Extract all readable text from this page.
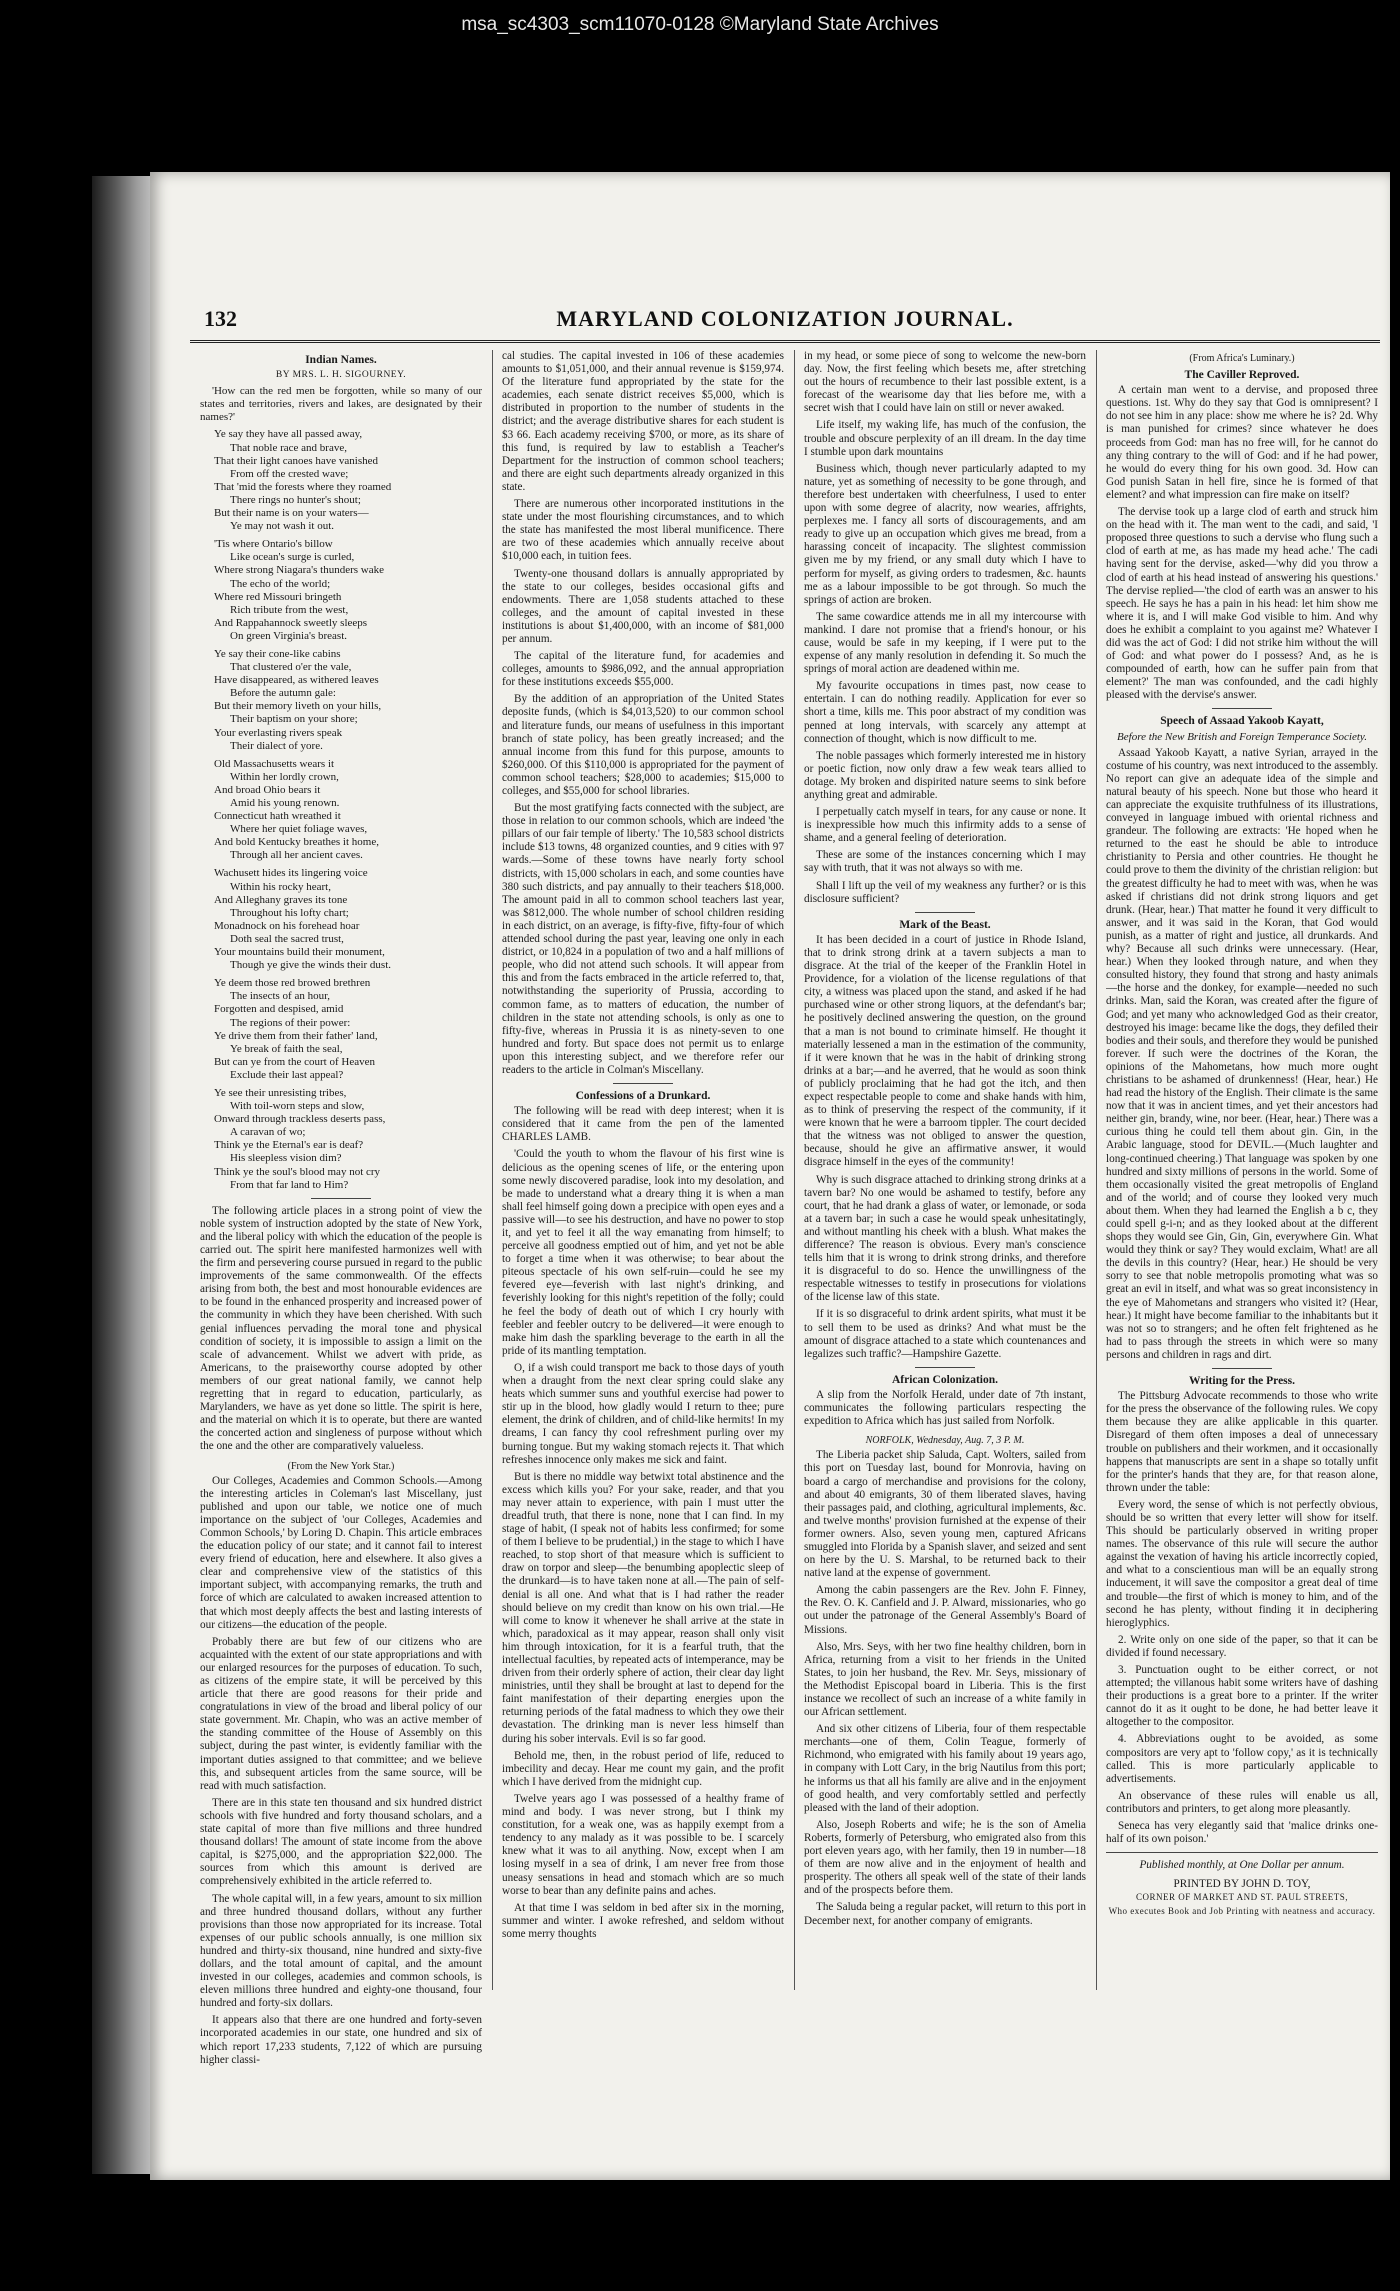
msa_sc4303_scm11070-0128 ©Maryland State Archives
MARYLAND COLONIZATION JOURNAL.
132
Indian Names.
BY MRS. L. H. SIGOURNEY.
'How can the red men be forgotten, while so many of our states and territories, rivers and lakes, are designated by their names?'
Ye say they have all passed away,
That noble race and brave,
That their light canoes have vanished
From off the crested wave;
That 'mid the forests where they roamed
There rings no hunter's shout;
But their name is on your waters—
Ye may not wash it out.
'Tis where Ontario's billow
Like ocean's surge is curled,
Where strong Niagara's thunders wake
The echo of the world;
Where red Missouri bringeth
Rich tribute from the west,
And Rappahannock sweetly sleeps
On green Virginia's breast.
Ye say their cone-like cabins
That clustered o'er the vale,
Have disappeared, as withered leaves
Before the autumn gale:
But their memory liveth on your hills,
Their baptism on your shore;
Your everlasting rivers speak
Their dialect of yore.
Old Massachusetts wears it
Within her lordly crown,
And broad Ohio bears it
Amid his young renown.
Connecticut hath wreathed it
Where her quiet foliage waves,
And bold Kentucky breathes it home,
Through all her ancient caves.
Wachusett hides its lingering voice
Within his rocky heart,
And Alleghany graves its tone
Throughout his lofty chart;
Monadnock on his forehead hoar
Doth seal the sacred trust,
Your mountains build their monument,
Though ye give the winds their dust.
Ye deem those red browed brethren
The insects of an hour,
Forgotten and despised, amid
The regions of their power:
Ye drive them from their father' land,
Ye break of faith the seal,
But can ye from the court of Heaven
Exclude their last appeal?
Ye see their unresisting tribes,
With toil-worn steps and slow,
Onward through trackless deserts pass,
A caravan of wo;
Think ye the Eternal's ear is deaf?
His sleepless vision dim?
Think ye the soul's blood may not cry
From that far land to Him?
The following article places in a strong point of view the noble system of instruction adopted by the state of New York, and the liberal policy with which the education of the people is carried out. The spirit here manifested harmonizes well with the firm and persevering course pursued in regard to the public improvements of the same commonwealth. Of the effects arising from both, the best and most honourable evidences are to be found in the enhanced prosperity and increased power of the community in which they have been cherished. With such genial influences pervading the moral tone and physical condition of society, it is impossible to assign a limit on the scale of advancement. Whilst we advert with pride, as Americans, to the praiseworthy course adopted by other members of our great national family, we cannot help regretting that in regard to education, particularly, as Marylanders, we have as yet done so little. The spirit is here, and the material on which it is to operate, but there are wanted the concerted action and singleness of purpose without which the one and the other are comparatively valueless.
(From the New York Star.)
Our Colleges, Academies and Common Schools.—Among the interesting articles in Coleman's last Miscellany, just published and upon our table, we notice one of much importance on the subject of 'our Colleges, Academies and Common Schools,' by Loring D. Chapin. This article embraces the education policy of our state; and it cannot fail to interest every friend of education, here and elsewhere. It also gives a clear and comprehensive view of the statistics of this important subject, with accompanying remarks, the truth and force of which are calculated to awaken increased attention to that which most deeply affects the best and lasting interests of our citizens—the education of the people.
Probably there are but few of our citizens who are acquainted with the extent of our state appropriations and with our enlarged resources for the purposes of education. To such, as citizens of the empire state, it will be perceived by this article that there are good reasons for their pride and congratulations in view of the broad and liberal policy of our state government. Mr. Chapin, who was an active member of the standing committee of the House of Assembly on this subject, during the past winter, is evidently familiar with the important duties assigned to that committee; and we believe this, and subsequent articles from the same source, will be read with much satisfaction.
There are in this state ten thousand and six hundred district schools with five hundred and forty thousand scholars, and a state capital of more than five millions and three hundred thousand dollars! The amount of state income from the above capital, is $275,000, and the appropriation $22,000. The sources from which this amount is derived are comprehensively exhibited in the article referred to.
The whole capital will, in a few years, amount to six million and three hundred thousand dollars, without any further provisions than those now appropriated for its increase. Total expenses of our public schools annually, is one million six hundred and thirty-six thousand, nine hundred and sixty-five dollars, and the total amount of capital, and the amount invested in our colleges, academies and common schools, is eleven millions three hundred and eighty-one thousand, four hundred and forty-six dollars.
It appears also that there are one hundred and forty-seven incorporated academies in our state, one hundred and six of which report 17,233 students, 7,122 of which are pursuing higher classi-
cal studies. The capital invested in 106 of these academies amounts to $1,051,000, and their annual revenue is $159,974. Of the literature fund appropriated by the state for the academies, each senate district receives $5,000, which is distributed in proportion to the number of students in the district; and the average distributive shares for each student is $3 66. Each academy receiving $700, or more, as its share of this fund, is required by law to establish a Teacher's Department for the instruction of common school teachers; and there are eight such departments already organized in this state.
There are numerous other incorporated institutions in the state under the most flourishing circumstances, and to which the state has manifested the most liberal munificence. There are two of these academies which annually receive about $10,000 each, in tuition fees.
Twenty-one thousand dollars is annually appropriated by the state to our colleges, besides occasional gifts and endowments. There are 1,058 students attached to these colleges, and the amount of capital invested in these institutions is about $1,400,000, with an income of $81,000 per annum.
The capital of the literature fund, for academies and colleges, amounts to $986,092, and the annual appropriation for these institutions exceeds $55,000.
By the addition of an appropriation of the United States deposite funds, (which is $4,013,520) to our common school and literature funds, our means of usefulness in this important branch of state policy, has been greatly increased; and the annual income from this fund for this purpose, amounts to $260,000. Of this $110,000 is appropriated for the payment of common school teachers; $28,000 to academies; $15,000 to colleges, and $55,000 for school libraries.
But the most gratifying facts connected with the subject, are those in relation to our common schools, which are indeed 'the pillars of our fair temple of liberty.' The 10,583 school districts include $13 towns, 48 organized counties, and 9 cities with 97 wards.—Some of these towns have nearly forty school districts, with 15,000 scholars in each, and some counties have 380 such districts, and pay annually to their teachers $18,000. The amount paid in all to common school teachers last year, was $812,000. The whole number of school children residing in each district, on an average, is fifty-five, fifty-four of which attended school during the past year, leaving one only in each district, or 10,824 in a population of two and a half millions of people, who did not attend such schools. It will appear from this and from the facts embraced in the article referred to, that, notwithstanding the superiority of Prussia, according to common fame, as to matters of education, the number of children in the state not attending schools, is only as one to fifty-five, whereas in Prussia it is as ninety-seven to one hundred and forty. But space does not permit us to enlarge upon this interesting subject, and we therefore refer our readers to the article in Colman's Miscellany.
Confessions of a Drunkard.
The following will be read with deep interest; when it is considered that it came from the pen of the lamented CHARLES LAMB.
'Could the youth to whom the flavour of his first wine is delicious as the opening scenes of life, or the entering upon some newly discovered paradise, look into my desolation, and be made to understand what a dreary thing it is when a man shall feel himself going down a precipice with open eyes and a passive will—to see his destruction, and have no power to stop it, and yet to feel it all the way emanating from himself; to perceive all goodness emptied out of him, and yet not be able to forget a time when it was otherwise; to bear about the piteous spectacle of his own self-ruin—could he see my fevered eye—feverish with last night's drinking, and feverishly looking for this night's repetition of the folly; could he feel the body of death out of which I cry hourly with feebler and feebler outcry to be delivered—it were enough to make him dash the sparkling beverage to the earth in all the pride of its mantling temptation.
O, if a wish could transport me back to those days of youth when a draught from the next clear spring could slake any heats which summer suns and youthful exercise had power to stir up in the blood, how gladly would I return to thee; pure element, the drink of children, and of child-like hermits! In my dreams, I can fancy thy cool refreshment purling over my burning tongue. But my waking stomach rejects it. That which refreshes innocence only makes me sick and faint.
But is there no middle way betwixt total abstinence and the excess which kills you? For your sake, reader, and that you may never attain to experience, with pain I must utter the dreadful truth, that there is none, none that I can find. In my stage of habit, (I speak not of habits less confirmed; for some of them I believe to be prudential,) in the stage to which I have reached, to stop short of that measure which is sufficient to draw on torpor and sleep—the benumbing apoplectic sleep of the drunkard—is to have taken none at all.—The pain of self-denial is all one. And what that is I had rather the reader should believe on my credit than know on his own trial.—He will come to know it whenever he shall arrive at the state in which, paradoxical as it may appear, reason shall only visit him through intoxication, for it is a fearful truth, that the intellectual faculties, by repeated acts of intemperance, may be driven from their orderly sphere of action, their clear day light ministries, until they shall be brought at last to depend for the faint manifestation of their departing energies upon the returning periods of the fatal madness to which they owe their devastation. The drinking man is never less himself than during his sober intervals. Evil is so far good.
Behold me, then, in the robust period of life, reduced to imbecility and decay. Hear me count my gain, and the profit which I have derived from the midnight cup.
Twelve years ago I was possessed of a healthy frame of mind and body. I was never strong, but I think my constitution, for a weak one, was as happily exempt from a tendency to any malady as it was possible to be. I scarcely knew what it was to ail anything. Now, except when I am losing myself in a sea of drink, I am never free from those uneasy sensations in head and stomach which are so much worse to bear than any definite pains and aches.
At that time I was seldom in bed after six in the morning, summer and winter. I awoke refreshed, and seldom without some merry thoughts
in my head, or some piece of song to welcome the new-born day. Now, the first feeling which besets me, after stretching out the hours of recumbence to their last possible extent, is a forecast of the wearisome day that lies before me, with a secret wish that I could have lain on still or never awaked.
Life itself, my waking life, has much of the confusion, the trouble and obscure perplexity of an ill dream. In the day time I stumble upon dark mountains
Business which, though never particularly adapted to my nature, yet as something of necessity to be gone through, and therefore best undertaken with cheerfulness, I used to enter upon with some degree of alacrity, now wearies, affrights, perplexes me. I fancy all sorts of discouragements, and am ready to give up an occupation which gives me bread, from a harassing conceit of incapacity. The slightest commission given me by my friend, or any small duty which I have to perform for myself, as giving orders to tradesmen, &c. haunts me as a labour impossible to be got through. So much the springs of action are broken.
The same cowardice attends me in all my intercourse with mankind. I dare not promise that a friend's honour, or his cause, would be safe in my keeping, if I were put to the expense of any manly resolution in defending it. So much the springs of moral action are deadened within me.
My favourite occupations in times past, now cease to entertain. I can do nothing readily. Application for ever so short a time, kills me. This poor abstract of my condition was penned at long intervals, with scarcely any attempt at connection of thought, which is now difficult to me.
The noble passages which formerly interested me in history or poetic fiction, now only draw a few weak tears allied to dotage. My broken and dispirited nature seems to sink before anything great and admirable.
I perpetually catch myself in tears, for any cause or none. It is inexpressible how much this infirmity adds to a sense of shame, and a general feeling of deterioration.
These are some of the instances concerning which I may say with truth, that it was not always so with me.
Shall I lift up the veil of my weakness any further? or is this disclosure sufficient?
Mark of the Beast.
It has been decided in a court of justice in Rhode Island, that to drink strong drink at a tavern subjects a man to disgrace. At the trial of the keeper of the Franklin Hotel in Providence, for a violation of the license regulations of that city, a witness was placed upon the stand, and asked if he had purchased wine or other strong liquors, at the defendant's bar; he positively declined answering the question, on the ground that a man is not bound to criminate himself. He thought it materially lessened a man in the estimation of the community, if it were known that he was in the habit of drinking strong drinks at a bar;—and he averred, that he would as soon think of publicly proclaiming that he had got the itch, and then expect respectable people to come and shake hands with him, as to think of preserving the respect of the community, if it were known that he were a barroom tippler. The court decided that the witness was not obliged to answer the question, because, should he give an affirmative answer, it would disgrace himself in the eyes of the community!
Why is such disgrace attached to drinking strong drinks at a tavern bar? No one would be ashamed to testify, before any court, that he had drank a glass of water, or lemonade, or soda at a tavern bar; in such a case he would speak unhesitatingly, and without mantling his cheek with a blush. What makes the difference? The reason is obvious. Every man's conscience tells him that it is wrong to drink strong drinks, and therefore it is disgraceful to do so. Hence the unwillingness of the respectable witnesses to testify in prosecutions for violations of the license law of this state.
If it is so disgraceful to drink ardent spirits, what must it be to sell them to be used as drinks? And what must be the amount of disgrace attached to a state which countenances and legalizes such traffic?—Hampshire Gazette.
African Colonization.
A slip from the Norfolk Herald, under date of 7th instant, communicates the following particulars respecting the expedition to Africa which has just sailed from Norfolk.
NORFOLK, Wednesday, Aug. 7, 3 P. M.
The Liberia packet ship Saluda, Capt. Wolters, sailed from this port on Tuesday last, bound for Monrovia, having on board a cargo of merchandise and provisions for the colony, and about 40 emigrants, 30 of them liberated slaves, having their passages paid, and clothing, agricultural implements, &c. and twelve months' provision furnished at the expense of their former owners. Also, seven young men, captured Africans smuggled into Florida by a Spanish slaver, and seized and sent on here by the U. S. Marshal, to be returned back to their native land at the expense of government.
Among the cabin passengers are the Rev. John F. Finney, the Rev. O. K. Canfield and J. P. Alward, missionaries, who go out under the patronage of the General Assembly's Board of Missions.
Also, Mrs. Seys, with her two fine healthy children, born in Africa, returning from a visit to her friends in the United States, to join her husband, the Rev. Mr. Seys, missionary of the Methodist Episcopal board in Liberia. This is the first instance we recollect of such an increase of a white family in our African settlement.
And six other citizens of Liberia, four of them respectable merchants—one of them, Colin Teague, formerly of Richmond, who emigrated with his family about 19 years ago, in company with Lott Cary, in the brig Nautilus from this port; he informs us that all his family are alive and in the enjoyment of good health, and very comfortably settled and perfectly pleased with the land of their adoption.
Also, Joseph Roberts and wife; he is the son of Amelia Roberts, formerly of Petersburg, who emigrated also from this port eleven years ago, with her family, then 19 in number—18 of them are now alive and in the enjoyment of health and prosperity. The others all speak well of the state of their lands and of the prospects before them.
The Saluda being a regular packet, will return to this port in December next, for another company of emigrants.
(From Africa's Luminary.)
The Caviller Reproved.
A certain man went to a dervise, and proposed three questions. 1st. Why do they say that God is omnipresent? I do not see him in any place: show me where he is? 2d. Why is man punished for crimes? since whatever he does proceeds from God: man has no free will, for he cannot do any thing contrary to the will of God: and if he had power, he would do every thing for his own good. 3d. How can God punish Satan in hell fire, since he is formed of that element? and what impression can fire make on itself?
The dervise took up a large clod of earth and struck him on the head with it. The man went to the cadi, and said, 'I proposed three questions to such a dervise who flung such a clod of earth at me, as has made my head ache.' The cadi having sent for the dervise, asked—'why did you throw a clod of earth at his head instead of answering his questions.' The dervise replied—'the clod of earth was an answer to his speech. He says he has a pain in his head: let him show me where it is, and I will make God visible to him. And why does he exhibit a complaint to you against me? Whatever I did was the act of God: I did not strike him without the will of God: and what power do I possess? And, as he is compounded of earth, how can he suffer pain from that element?' The man was confounded, and the cadi highly pleased with the dervise's answer.
Speech of Assaad Yakoob Kayatt,
Before the New British and Foreign Temperance Society.
Assaad Yakoob Kayatt, a native Syrian, arrayed in the costume of his country, was next introduced to the assembly. No report can give an adequate idea of the simple and natural beauty of his speech. None but those who heard it can appreciate the exquisite truthfulness of its illustrations, conveyed in language imbued with oriental richness and grandeur. The following are extracts: 'He hoped when he returned to the east he should be able to introduce christianity to Persia and other countries. He thought he could prove to them the divinity of the christian religion: but the greatest difficulty he had to meet with was, when he was asked if christians did not drink strong liquors and get drunk. (Hear, hear.) That matter he found it very difficult to answer, and it was said in the Koran, that God would punish, as a matter of right and justice, all drunkards. And why? Because all such drinks were unnecessary. (Hear, hear.) When they looked through nature, and when they consulted history, they found that strong and hasty animals—the horse and the donkey, for example—needed no such drinks. Man, said the Koran, was created after the figure of God; and yet many who acknowledged God as their creator, destroyed his image: became like the dogs, they defiled their bodies and their souls, and therefore they would be punished forever. If such were the doctrines of the Koran, the opinions of the Mahometans, how much more ought christians to be ashamed of drunkenness! (Hear, hear.) He had read the history of the English. Their climate is the same now that it was in ancient times, and yet their ancestors had neither gin, brandy, wine, nor beer. (Hear, hear.) There was a curious thing he could tell them about gin. Gin, in the Arabic language, stood for DEVIL.—(Much laughter and long-continued cheering.) That language was spoken by one hundred and sixty millions of persons in the world. Some of them occasionally visited the great metropolis of England and of the world; and of course they looked very much about them. When they had learned the English a b c, they could spell g-i-n; and as they looked about at the different shops they would see Gin, Gin, Gin, everywhere Gin. What would they think or say? They would exclaim, What! are all the devils in this country? (Hear, hear.) He should be very sorry to see that noble metropolis promoting what was so great an evil in itself, and what was so great inconsistency in the eye of Mahometans and strangers who visited it? (Hear, hear.) It might have become familiar to the inhabitants but it was not so to strangers; and he often felt frightened as he had to pass through the streets in which were so many persons and children in rags and dirt.
Writing for the Press.
The Pittsburg Advocate recommends to those who write for the press the observance of the following rules. We copy them because they are alike applicable in this quarter. Disregard of them often imposes a deal of unnecessary trouble on publishers and their workmen, and it occasionally happens that manuscripts are sent in a shape so totally unfit for the printer's hands that they are, for that reason alone, thrown under the table:
Every word, the sense of which is not perfectly obvious, should be so written that every letter will show for itself. This should be particularly observed in writing proper names. The observance of this rule will secure the author against the vexation of having his article incorrectly copied, and what to a conscientious man will be an equally strong inducement, it will save the compositor a great deal of time and trouble—the first of which is money to him, and of the second he has plenty, without finding it in deciphering hieroglyphics.
2. Write only on one side of the paper, so that it can be divided if found necessary.
3. Punctuation ought to be either correct, or not attempted; the villanous habit some writers have of dashing their productions is a great bore to a printer. If the writer cannot do it as it ought to be done, he had better leave it altogether to the compositor.
4. Abbreviations ought to be avoided, as some compositors are very apt to 'follow copy,' as it is technically called. This is more particularly applicable to advertisements.
An observance of these rules will enable us all, contributors and printers, to get along more pleasantly.
Seneca has very elegantly said that 'malice drinks one-half of its own poison.'
Published monthly, at One Dollar per annum.
PRINTED BY JOHN D. TOY,
CORNER OF MARKET AND ST. PAUL STREETS,
Who executes Book and Job Printing with neatness and accuracy.
